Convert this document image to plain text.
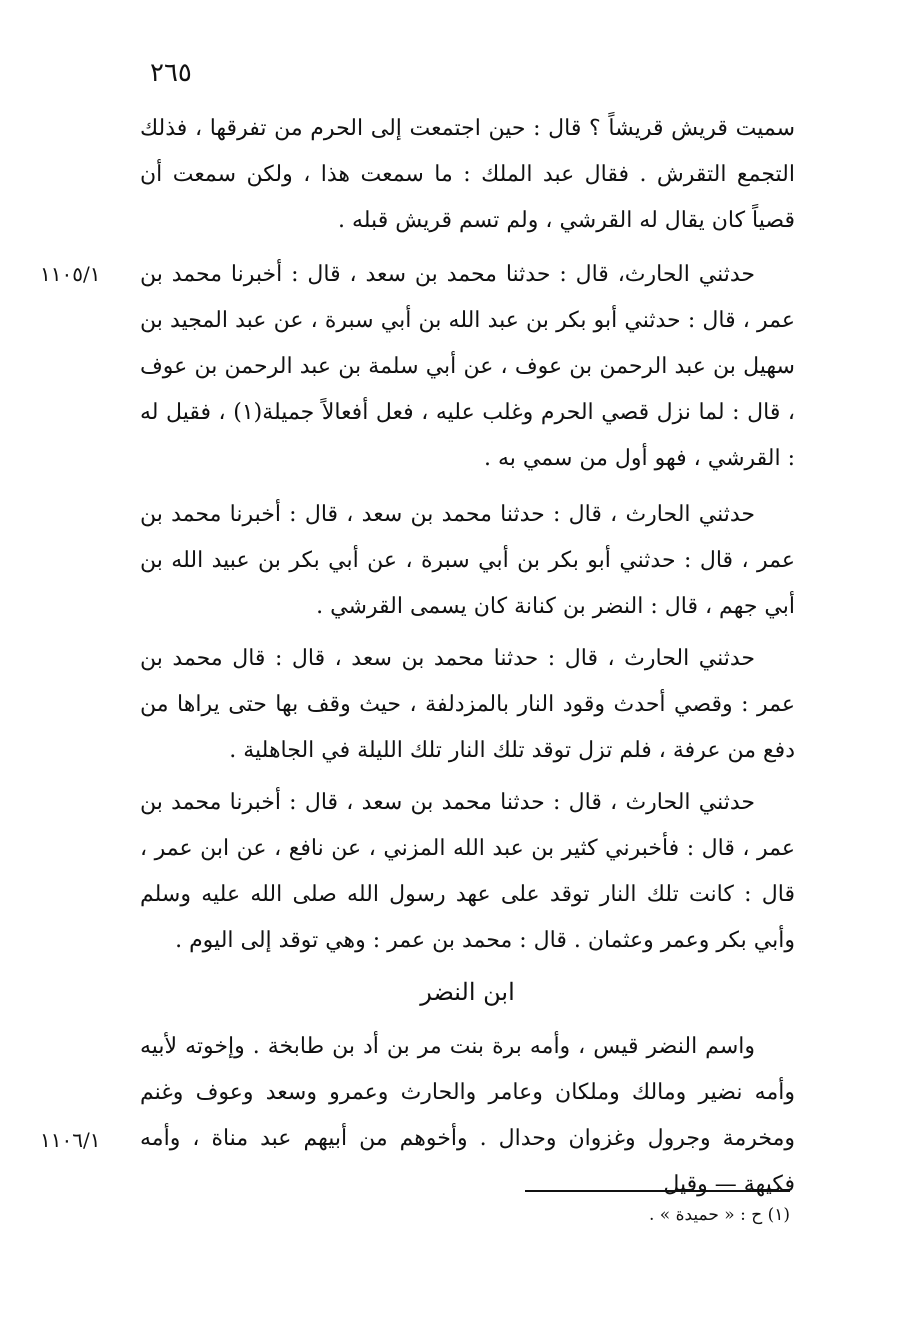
٢٦٥

سميت قريش قريشاً ؟ قال : حين اجتمعت إلى الحرم من تفرقها ، فذلك التجمع التقرش . فقال عبد الملك : ما سمعت هذا ، ولكن سمعت أن قصياً كان يقال له القرشي ، ولم تسم قريش قبله .

١١٠٥/١ حدثني الحارث، قال : حدثنا محمد بن سعد ، قال : أخبرنا محمد بن عمر ، قال : حدثني أبو بكر بن عبد الله بن أبي سبرة ، عن عبد المجيد بن سهيل بن عبد الرحمن بن عوف ، عن أبي سلمة بن عبد الرحمن بن عوف ، قال : لما نزل قصي الحرم وغلب عليه ، فعل أفعالاً جميلة(١) ، فقيل له : القرشي ، فهو أول من سمي به .

حدثني الحارث ، قال : حدثنا محمد بن سعد ، قال : أخبرنا محمد بن عمر ، قال : حدثني أبو بكر بن أبي سبرة ، عن أبي بكر بن عبيد الله بن أبي جهم ، قال : النضر بن كنانة كان يسمى القرشي .

حدثني الحارث ، قال : حدثنا محمد بن سعد ، قال : قال محمد بن عمر : وقصي أحدث وقود النار بالمزدلفة ، حيث وقف بها حتى يراها من دفع من عرفة ، فلم تزل توقد تلك النار تلك الليلة في الجاهلية .

حدثني الحارث ، قال : حدثنا محمد بن سعد ، قال : أخبرنا محمد بن عمر ، قال : فأخبرني كثير بن عبد الله المزني ، عن نافع ، عن ابن عمر ، قال : كانت تلك النار توقد على عهد رسول الله صلى الله عليه وسلم وأبي بكر وعمر وعثمان . قال : محمد بن عمر : وهي توقد إلى اليوم .

ابن النضر
١١٠٦/١

واسم النضر قيس ، وأمه برة بنت مر بن أد بن طابخة . وإخوته لأبيه وأمه نضير ومالك وملكان وعامر والحارث وعمرو وسعد وعوف وغنم ومخرمة وجرول وغزوان وحدال . وأخوهم من أبيهم عبد مناة ، وأمه فكيهة — وقيل

(١) ح : « حميدة » .
